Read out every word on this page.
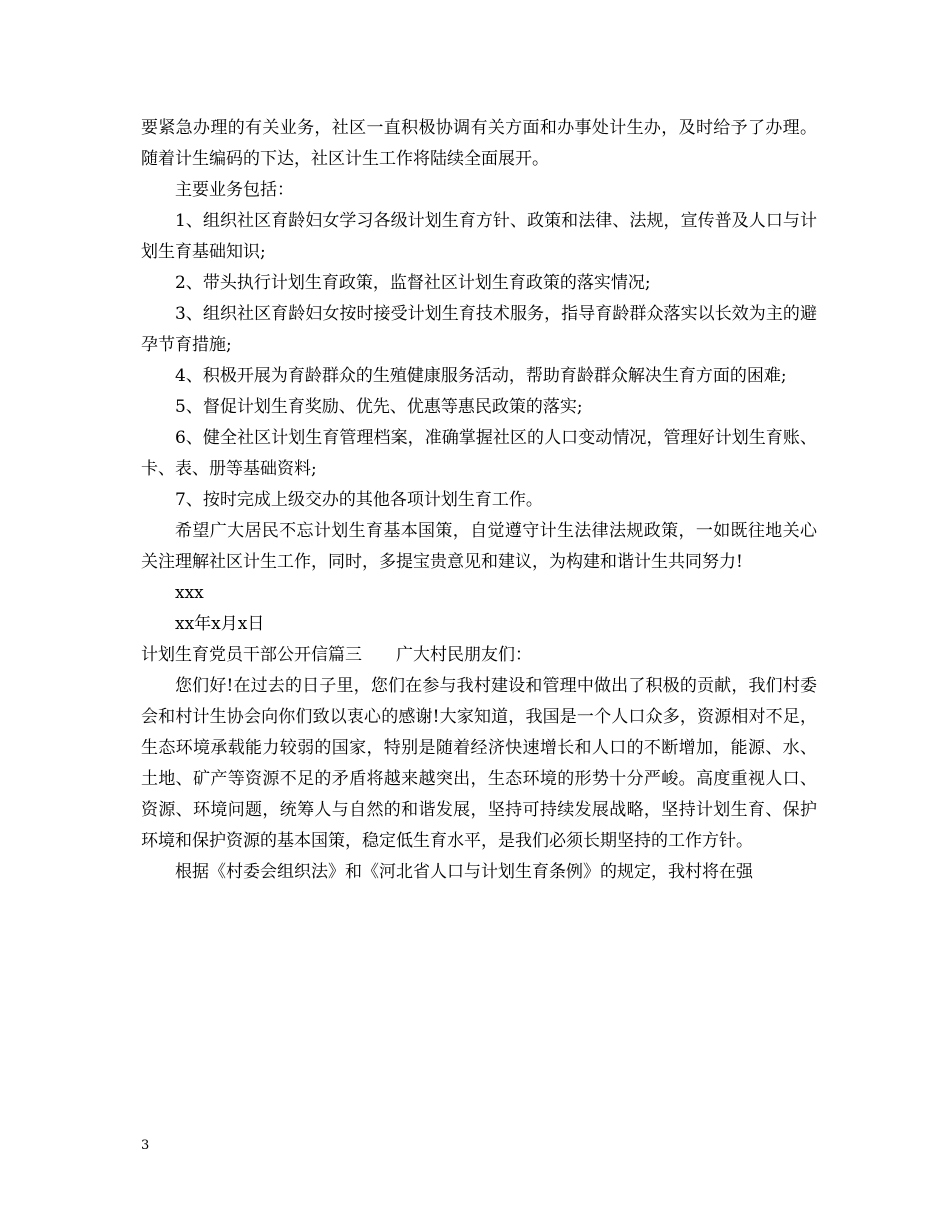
要紧急办理的有关业务，社区一直积极协调有关方面和办事处计生办，及时给予了办理。随着计生编码的下达，社区计生工作将陆续全面展开。

主要业务包括：

1、组织社区育龄妇女学习各级计划生育方针、政策和法律、法规，宣传普及人口与计划生育基础知识;

2、带头执行计划生育政策，监督社区计划生育政策的落实情况;

3、组织社区育龄妇女按时接受计划生育技术服务，指导育龄群众落实以长效为主的避孕节育措施;

4、积极开展为育龄群众的生殖健康服务活动，帮助育龄群众解决生育方面的困难;

5、督促计划生育奖励、优先、优惠等惠民政策的落实;

6、健全社区计划生育管理档案，准确掌握社区的人口变动情况，管理好计划生育账、卡、表、册等基础资料;

7、按时完成上级交办的其他各项计划生育工作。

希望广大居民不忘计划生育基本国策，自觉遵守计生法律法规政策，一如既往地关心关注理解社区计生工作，同时，多提宝贵意见和建议，为构建和谐计生共同努力!

xxx

xx年x月x日

计划生育党员干部公开信篇三　　广大村民朋友们：

您们好!在过去的日子里，您们在参与我村建设和管理中做出了积极的贡献，我们村委会和村计生协会向你们致以衷心的感谢!大家知道，我国是一个人口众多，资源相对不足，生态环境承载能力较弱的国家，特别是随着经济快速增长和人口的不断增加，能源、水、土地、矿产等资源不足的矛盾将越来越突出，生态环境的形势十分严峻。高度重视人口、资源、环境问题，统筹人与自然的和谐发展，坚持可持续发展战略，坚持计划生育、保护环境和保护资源的基本国策，稳定低生育水平，是我们必须长期坚持的工作方针。

根据《村委会组织法》和《河北省人口与计划生育条例》的规定，我村将在强

3
